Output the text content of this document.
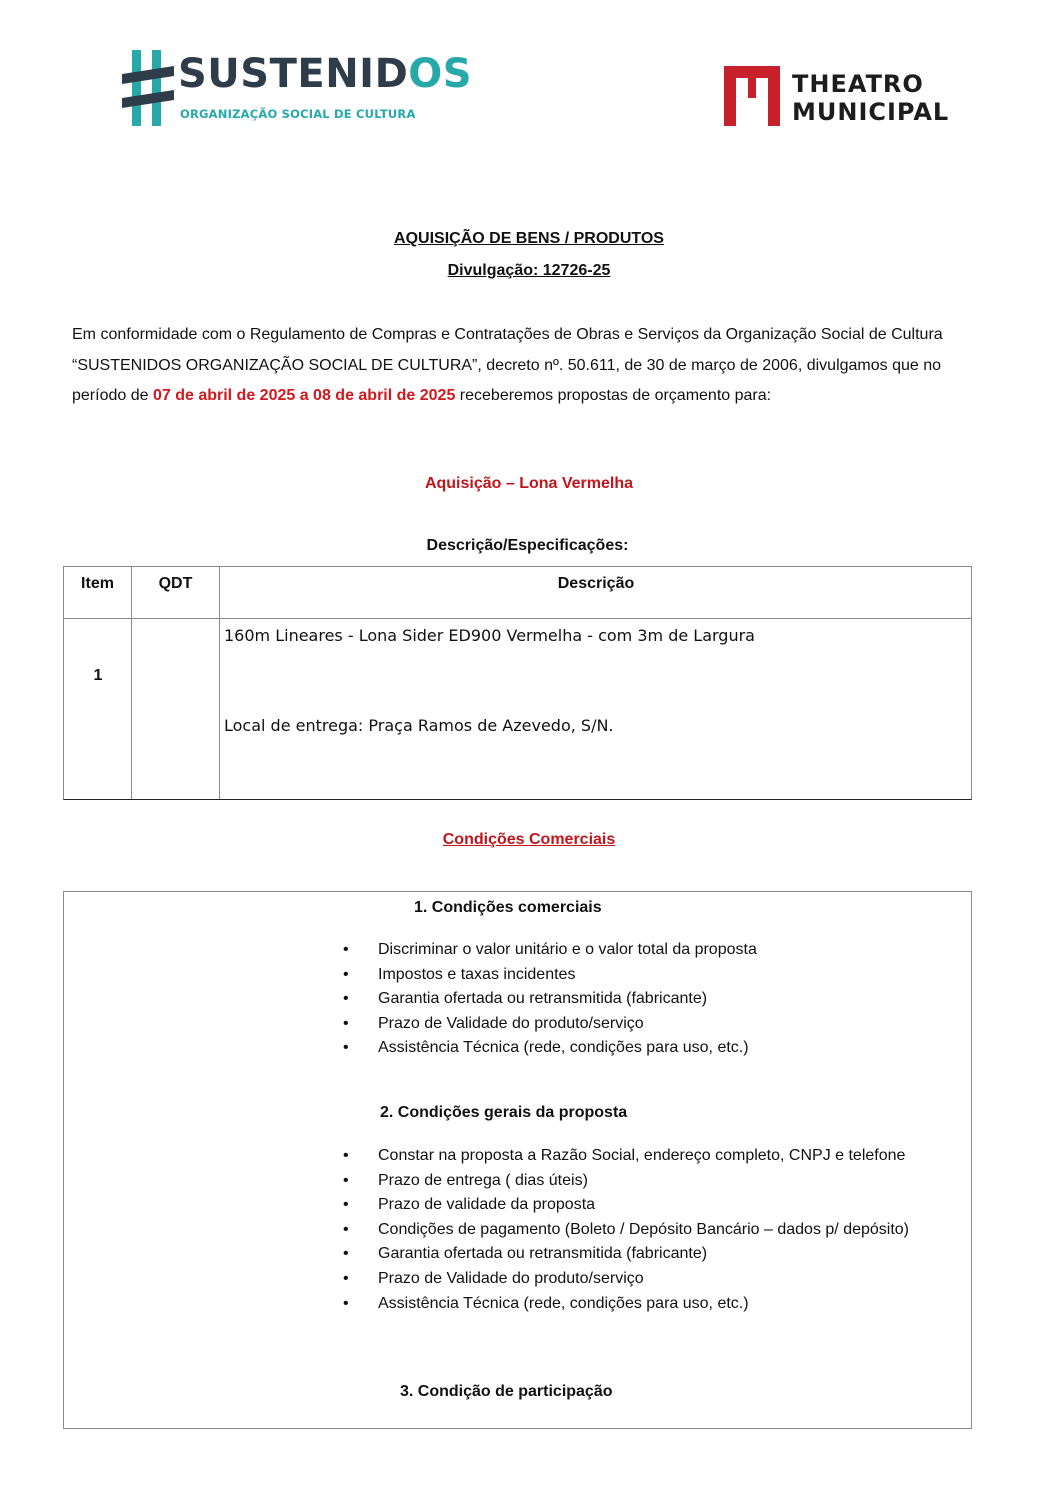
SUSTENIDOS
ORGANIZAÇÃO SOCIAL DE CULTURA
THEATRO
MUNICIPAL
AQUISIÇÃO DE BENS / PRODUTOS
Divulgação: 12726-25
Em conformidade com o Regulamento de Compras e Contratações de Obras e Serviços da Organização Social de Cultura “SUSTENIDOS ORGANIZAÇÃO SOCIAL DE CULTURA”, decreto nº. 50.611, de 30 de março de 2006, divulgamos que no período de 07 de abril de 2025 a 08 de abril de 2025 receberemos propostas de orçamento para:
Aquisição – Lona Vermelha
Descrição/Especificações:
Item	QDT	Descrição
1
160m Lineares - Lona Sider ED900 Vermelha - com 3m de Largura
Local de entrega: Praça Ramos de Azevedo, S/N.
Condições Comerciais
1. Condições comerciais
• Discriminar o valor unitário e o valor total da proposta
• Impostos e taxas incidentes
• Garantia ofertada ou retransmitida (fabricante)
• Prazo de Validade do produto/serviço
• Assistência Técnica (rede, condições para uso, etc.)
2. Condições gerais da proposta
• Constar na proposta a Razão Social, endereço completo, CNPJ e telefone
• Prazo de entrega ( dias úteis)
• Prazo de validade da proposta
• Condições de pagamento (Boleto / Depósito Bancário – dados p/ depósito)
• Garantia ofertada ou retransmitida (fabricante)
• Prazo de Validade do produto/serviço
• Assistência Técnica (rede, condições para uso, etc.)
3. Condição de participação
